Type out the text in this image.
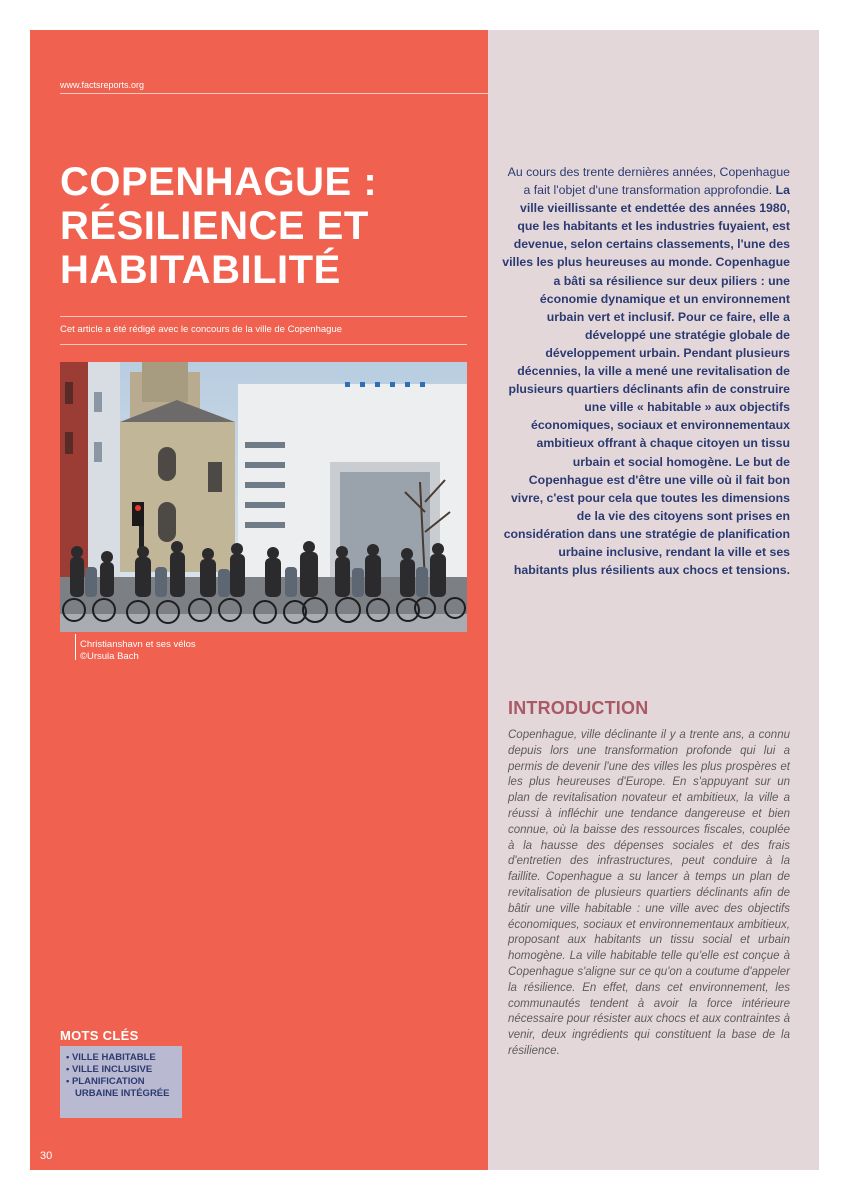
www.factsreports.org
COPENHAGUE :
RÉSILIENCE ET
HABITABILITÉ
Cet article a été rédigé avec le concours de la ville de Copenhague
Christianshavn et ses vélos
©Ursula Bach
MOTS CLÉS
• VILLE HABITABLE
• VILLE INCLUSIVE
• PLANIFICATION
URBAINE INTÉGRÉE
30

Au cours des trente dernières années, Copenhague a fait l'objet d'une transformation approfondie. La ville vieillissante et endettée des années 1980, que les habitants et les industries fuyaient, est devenue, selon certains classements, l'une des villes les plus heureuses au monde. Copenhague a bâti sa résilience sur deux piliers : une économie dynamique et un environnement urbain vert et inclusif. Pour ce faire, elle a développé une stratégie globale de développement urbain. Pendant plusieurs décennies, la ville a mené une revitalisation de plusieurs quartiers déclinants afin de construire une ville « habitable » aux objectifs économiques, sociaux et environnementaux ambitieux offrant à chaque citoyen un tissu urbain et social homogène. Le but de Copenhague est d'être une ville où il fait bon vivre, c'est pour cela que toutes les dimensions de la vie des citoyens sont prises en considération dans une stratégie de planification urbaine inclusive, rendant la ville et ses habitants plus résilients aux chocs et tensions.

INTRODUCTION

Copenhague, ville déclinante il y a trente ans, a connu depuis lors une transformation profonde qui lui a permis de devenir l'une des villes les plus prospères et les plus heureuses d'Europe. En s'appuyant sur un plan de revitalisation novateur et ambitieux, la ville a réussi à infléchir une tendance dangereuse et bien connue, où la baisse des ressources fiscales, couplée à la hausse des dépenses sociales et des frais d'entretien des infrastructures, peut conduire à la faillite. Copenhague a su lancer à temps un plan de revitalisation de plusieurs quartiers déclinants afin de bâtir une ville habitable : une ville avec des objectifs économiques, sociaux et environnementaux ambitieux, proposant aux habitants un tissu social et urbain homogène. La ville habitable telle qu'elle est conçue à Copenhague s'aligne sur ce qu'on a coutume d'appeler la résilience. En effet, dans cet environnement, les communautés tendent à avoir la force intérieure nécessaire pour résister aux chocs et aux contraintes à venir, deux ingrédients qui constituent la base de la résilience.
